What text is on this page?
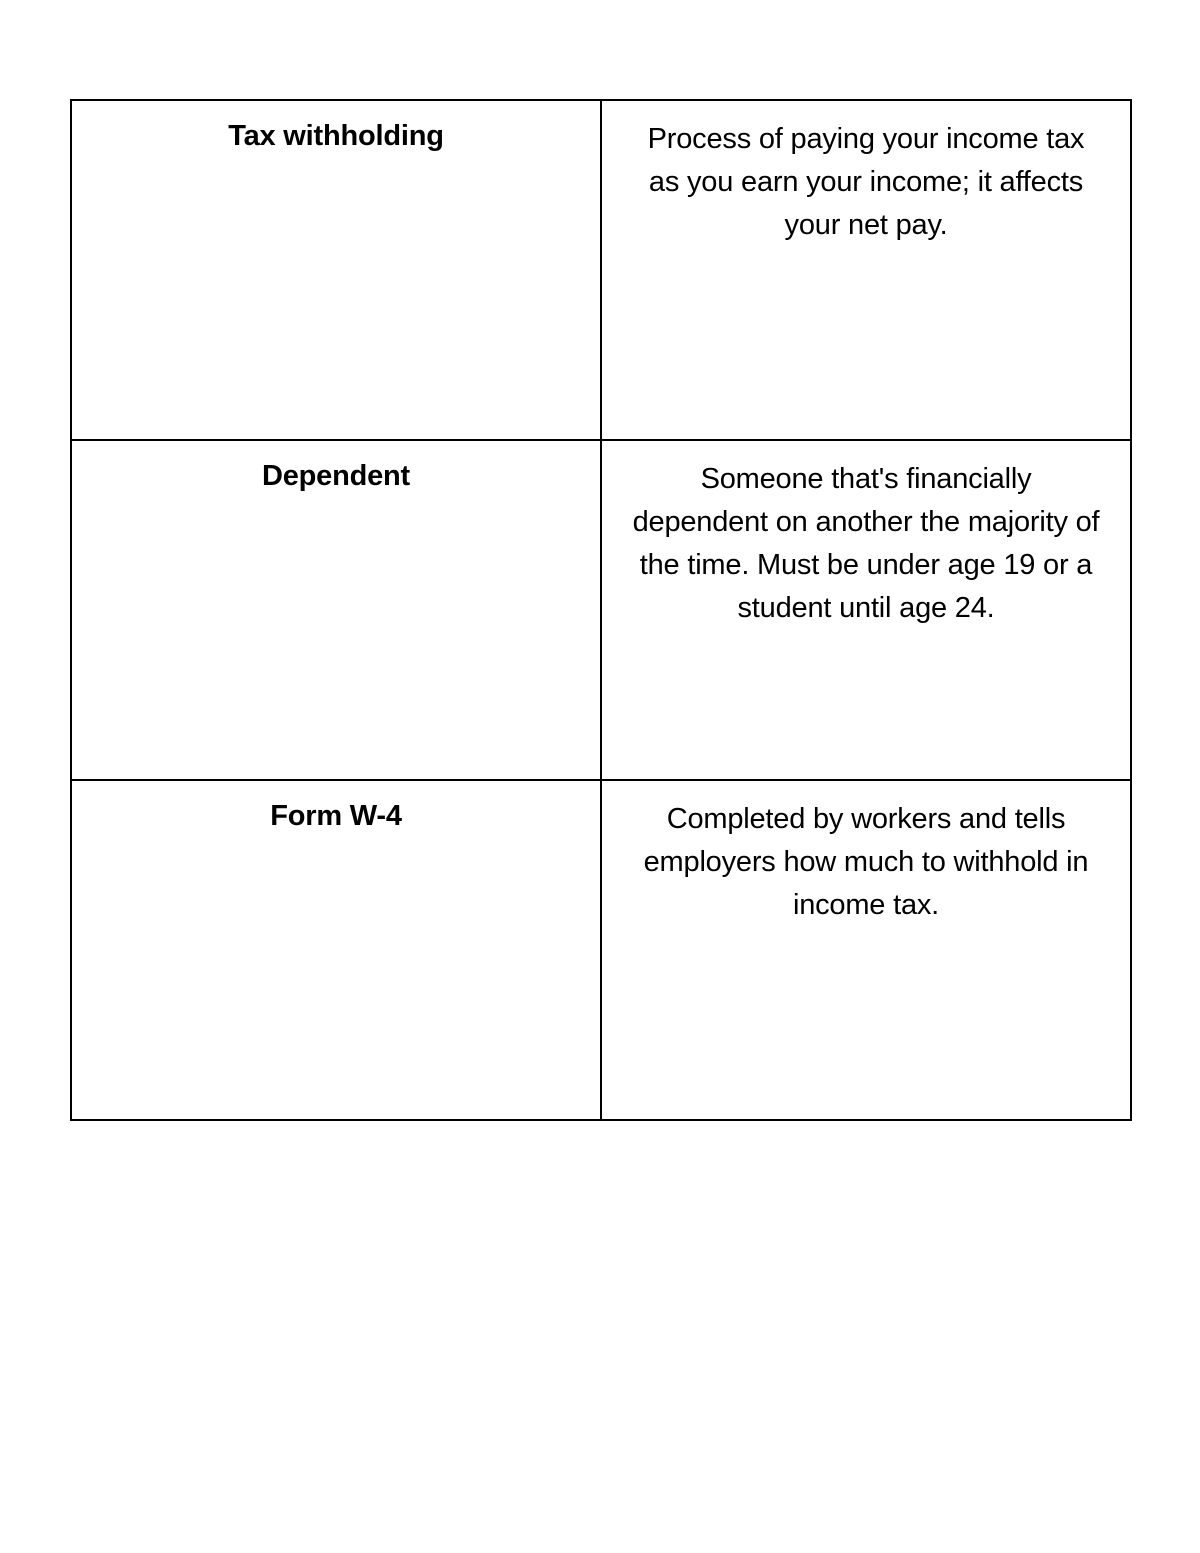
Tax withholding	Process of paying your income tax as you earn your income; it affects your net pay.

Dependent	Someone that's financially dependent on another the majority of the time. Must be under age 19 or a student until age 24.

Form W-4	Completed by workers and tells employers how much to withhold in income tax.
